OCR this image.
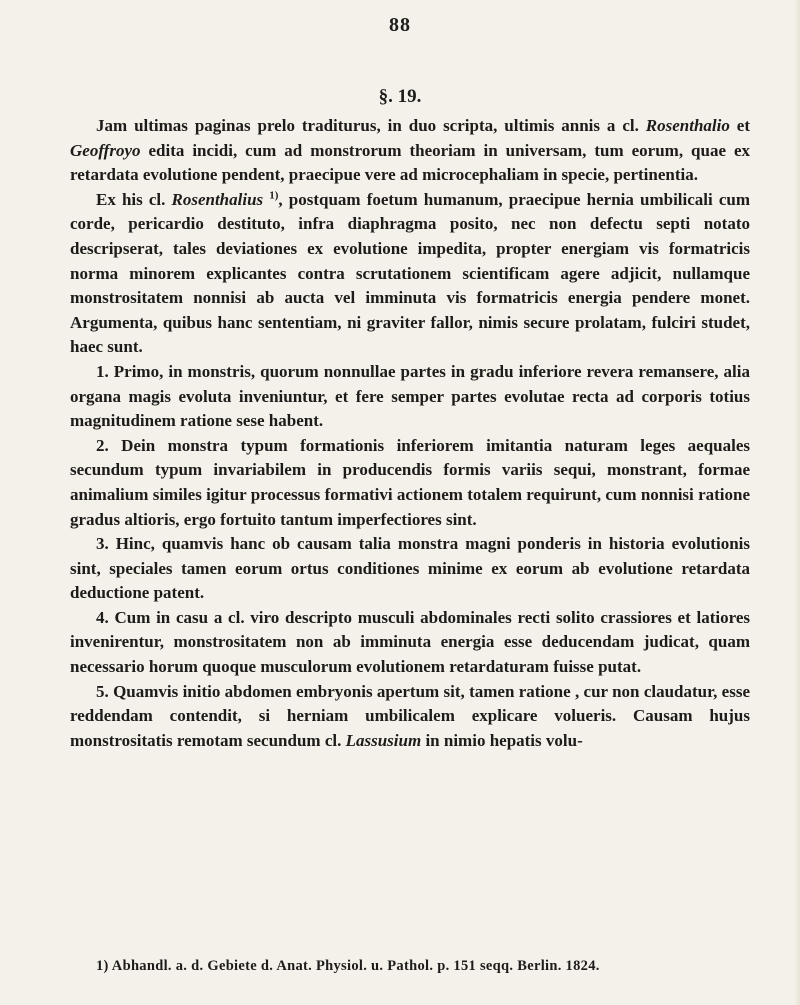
88
§. 19.

Jam ultimas paginas prelo traditurus, in duo scripta, ultimis annis a cl. Rosenthalio et Geoffroyo edita incidi, cum ad monstrorum theoriam in universam, tum eorum, quae ex retardata evolutione pendent, praecipue vere ad microcephaliam in specie, pertinentia.

Ex his cl. Rosenthalius $^{1)}$, postquam foetum humanum, praecipue hernia umbilicali cum corde, pericardio destituto, infra diaphragma posito, nec non defectu septi notato descripserat, tales deviationes ex evolutione impedita, propter energiam vis formatricis norma minorem explicantes contra scrutationem scientificam agere adjicit, nullamque monstrositatem nonnisi ab aucta vel imminuta vis formatricis energia pendere monet. Argumenta, quibus hanc sententiam, ni graviter fallor, nimis secure prolatam, fulciri studet, haec sunt.

1. Primo, in monstris, quorum nonnullae partes in gradu inferiore revera remansere, alia organa magis evoluta inveniuntur, et fere semper partes evolutae recta ad corporis totius magnitudinem ratione sese habent.

2. Dein monstra typum formationis inferiorem imitantia naturam leges aequales secundum typum invariabilem in producendis formis variis sequi, monstrant, formae animalium similes igitur processus formativi actionem totalem requirunt, cum nonnisi ratione gradus altioris, ergo fortuito tantum imperfectiores sint.

3. Hinc, quamvis hanc ob causam talia monstra magni ponderis in historia evolutionis sint, speciales tamen eorum ortus conditiones minime ex eorum ab evolutione retardata deductione patent.

4. Cum in casu a cl. viro descripto musculi abdominales recti solito crassiores et latiores invenirentur, monstrositatem non ab imminuta energia esse deducendam judicat, quam necessario horum quoque musculorum evolutionem retardaturam fuisse putat.

5. Quamvis initio abdomen embryonis apertum sit, tamen ratione , cur non claudatur, esse reddendam contendit, si herniam umbilicalem explicare volueris. Causam hujus monstrositatis remotam secundum cl. Lassusium in nimio hepatis volu-

1) Abhandl. a. d. Gebiete d. Anat. Physiol. u. Pathol. p. 151 seqq. Berlin. 1824.
